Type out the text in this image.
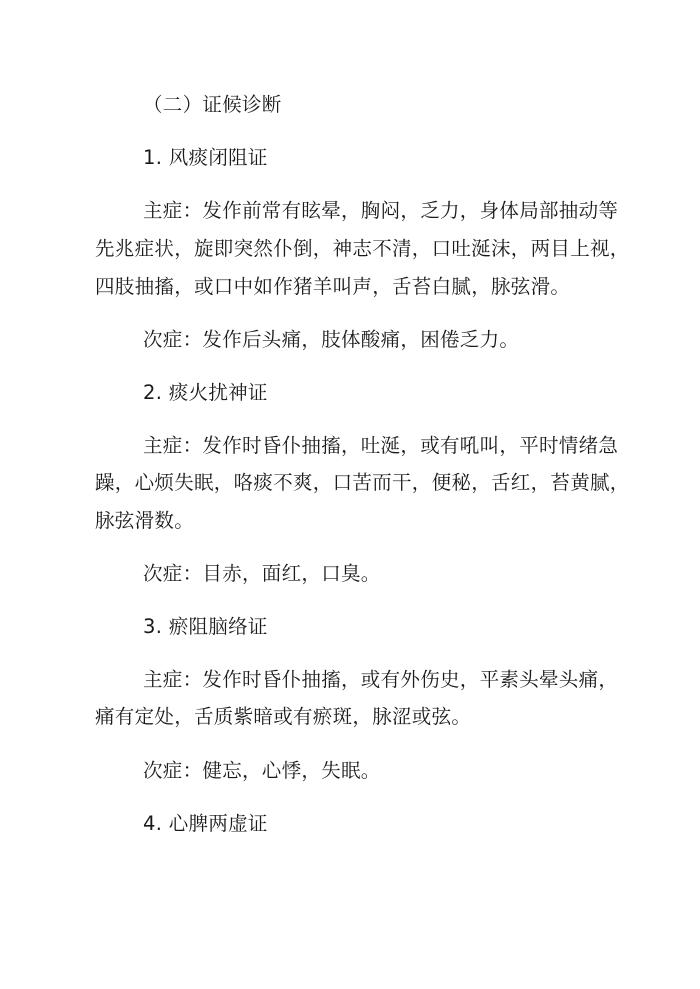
（二）证候诊断
1. 风痰闭阻证
主症：发作前常有眩晕，胸闷，乏力，身体局部抽动等
先兆症状，旋即突然仆倒，神志不清，口吐涎沫，两目上视，
四肢抽搐，或口中如作猪羊叫声，舌苔白腻，脉弦滑。
次症：发作后头痛，肢体酸痛，困倦乏力。
2. 痰火扰神证
主症：发作时昏仆抽搐，吐涎，或有吼叫，平时情绪急
躁，心烦失眠，咯痰不爽，口苦而干，便秘，舌红，苔黄腻，
脉弦滑数。
次症：目赤，面红，口臭。
3. 瘀阻脑络证
主症：发作时昏仆抽搐，或有外伤史，平素头晕头痛，
痛有定处，舌质紫暗或有瘀斑，脉涩或弦。
次症：健忘，心悸，失眠。
4. 心脾两虚证
